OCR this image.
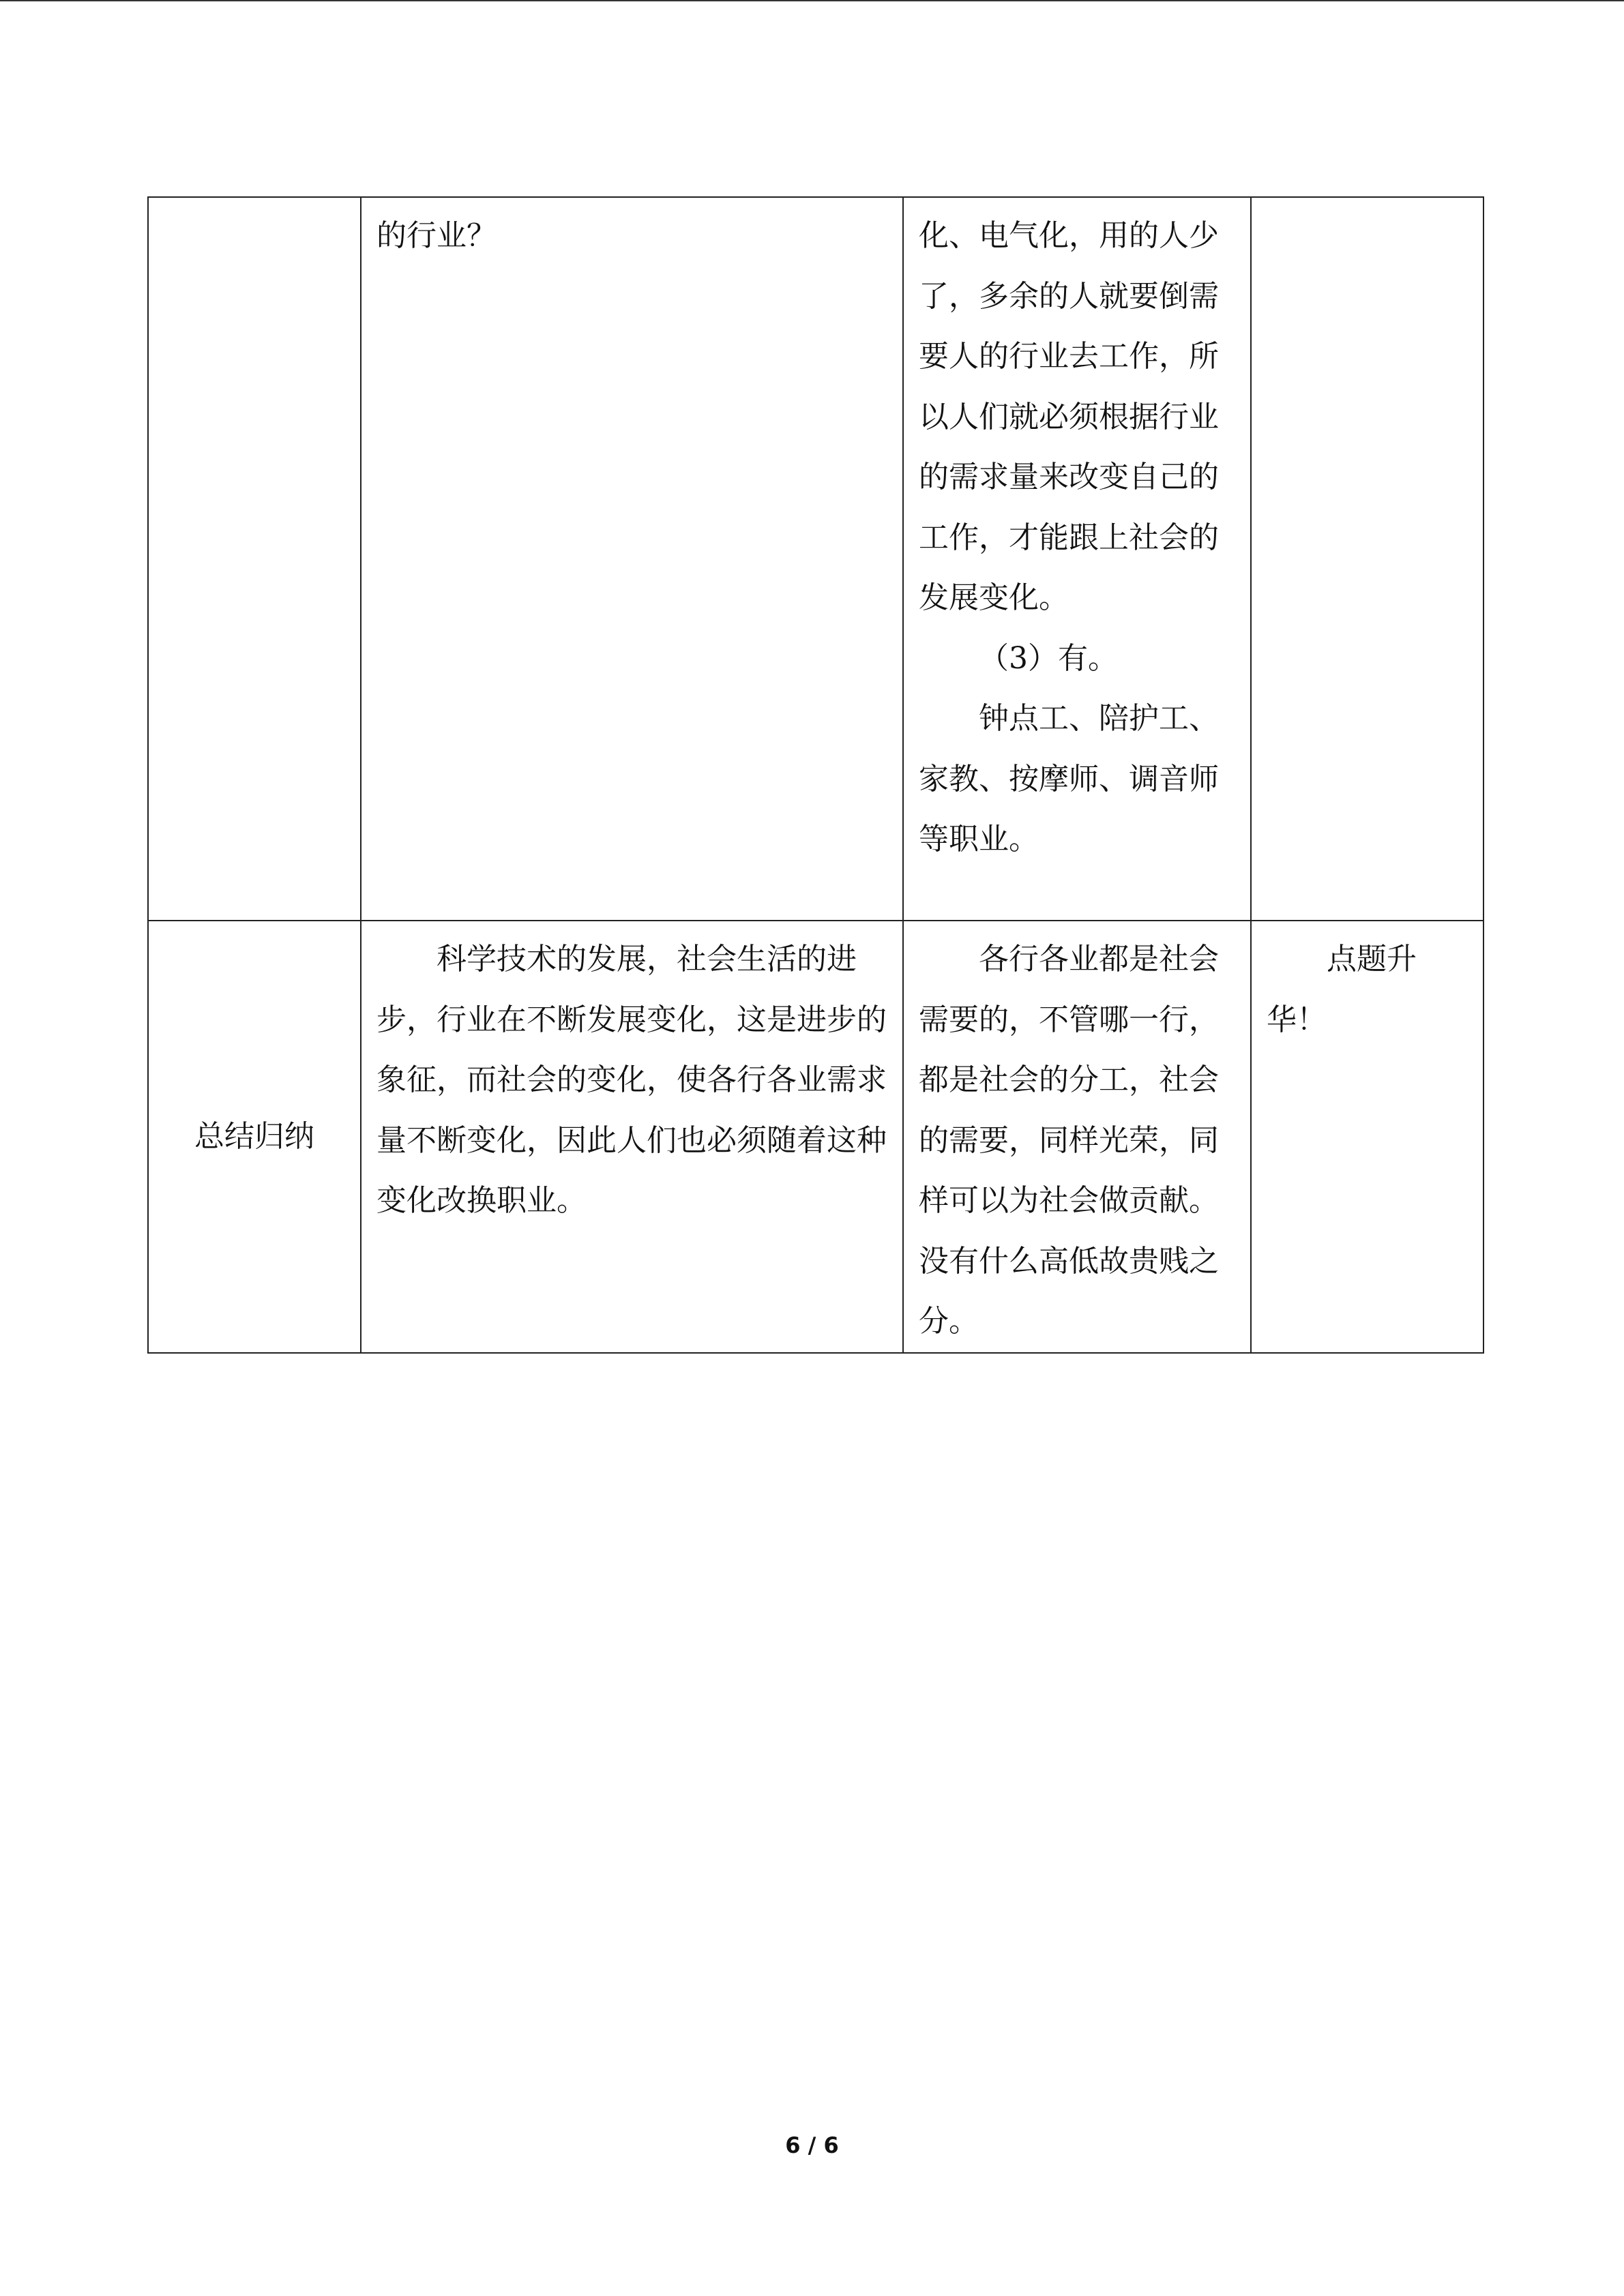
	的行业？	化、电气化，用的人少了，多余的人就要倒需要人的行业去工作，所以人们就必须根据行业的需求量来改变自己的工作，才能跟上社会的发展变化。

（3）有。

钟点工、陪护工、家教、按摩师、调音师等职业。	

总结归纳	科学技术的发展，社会生活的进步，行业在不断发展变化，这是进步的象征，而社会的变化，使各行各业需求量不断变化，因此人们也必须随着这种变化改换职业。	各行各业都是社会需要的，不管哪一行，都是社会的分工，社会的需要，同样光荣，同样可以为社会做贡献。没有什么高低故贵贱之分。	点题升华！

6 / 6
